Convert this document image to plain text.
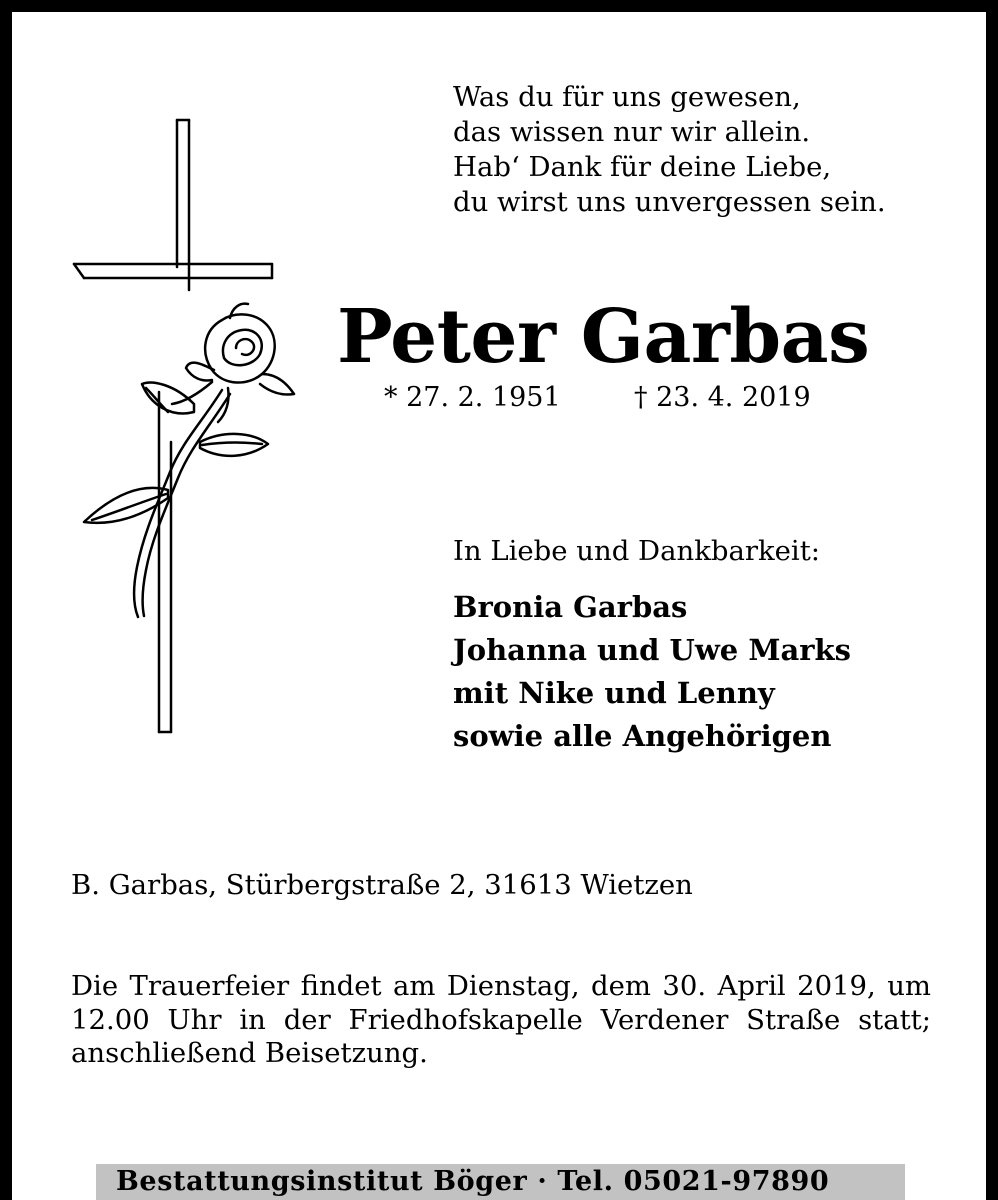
Was du für uns gewesen,
das wissen nur wir allein.
Hab‘ Dank für deine Liebe,
du wirst uns unvergessen sein.
Peter Garbas
* 27. 2. 1951	† 23. 4. 2019
In Liebe und Dankbarkeit:
Bronia Garbas
Johanna und Uwe Marks
mit Nike und Lenny
sowie alle Angehörigen
B. Garbas, Stürbergstraße 2, 31613 Wietzen
Die Trauerfeier findet am Dienstag, dem 30. April 2019, um
12.00 Uhr in der Friedhofskapelle Verdener Straße statt;
anschließend Beisetzung.
Bestattungsinstitut Böger · Tel. 05021-97890
